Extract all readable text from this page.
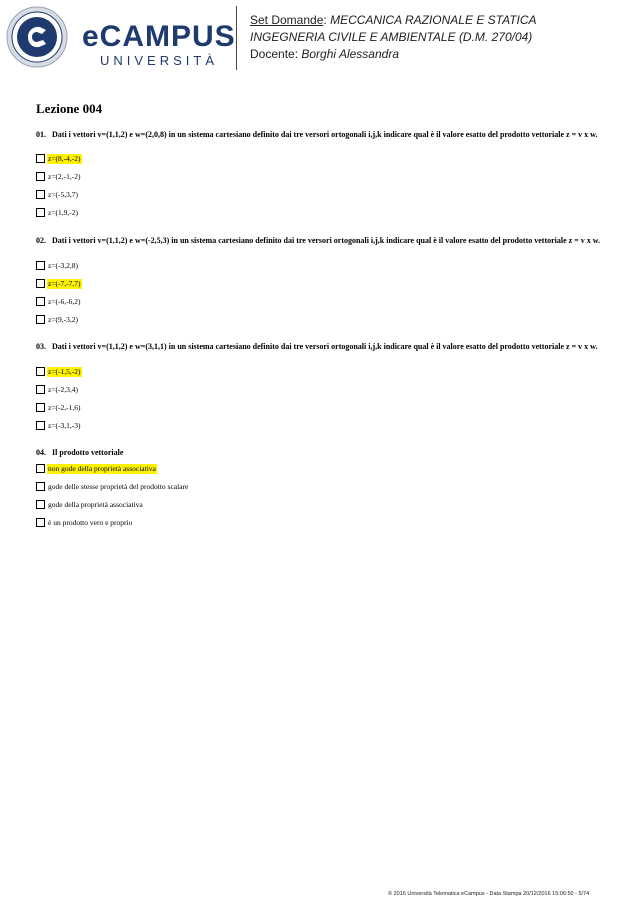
eCAMPUS
UNIVERSITÀ
Set Domande: MECCANICA RAZIONALE E STATICA
INGEGNERIA CIVILE E AMBIENTALE (D.M. 270/04)
Docente: Borghi Alessandra
Lezione 004
01. Dati i vettori v=(1,1,2) e w=(2,0,8) in un sistema cartesiano definito dai tre versori ortogonali i,j,k indicare qual è il valore esatto del prodotto vettoriale z = v x w.
z=(8,-4,-2)
z=(2,-1,-2)
z=(-5,3,7)
z=(1,9,-2)
02. Dati i vettori v=(1,1,2) e w=(-2,5,3) in un sistema cartesiano definito dai tre versori ortogonali i,j,k indicare qual è il valore esatto del prodotto vettoriale z = v x w.
z=(-3,2,8)
z=(-7,-7,7)
z=(-6,-6,2)
z=(9,-3,2)
03. Dati i vettori v=(1,1,2) e w=(3,1,1) in un sistema cartesiano definito dai tre versori ortogonali i,j,k indicare qual è il valore esatto del prodotto vettoriale z = v x w.
z=(-1,5,-2)
z=(-2,3,4)
z=(-2,-1,6)
z=(-3,1,-3)
04. Il prodotto vettoriale
non gode della proprietà associativa
gode delle stesse proprietà del prodotto scalare
gode della proprietà associativa
è un prodotto vero e proprio
© 2016 Università Telematica eCampus - Data Stampa 20/12/2016 15:06:50 - 5/74
